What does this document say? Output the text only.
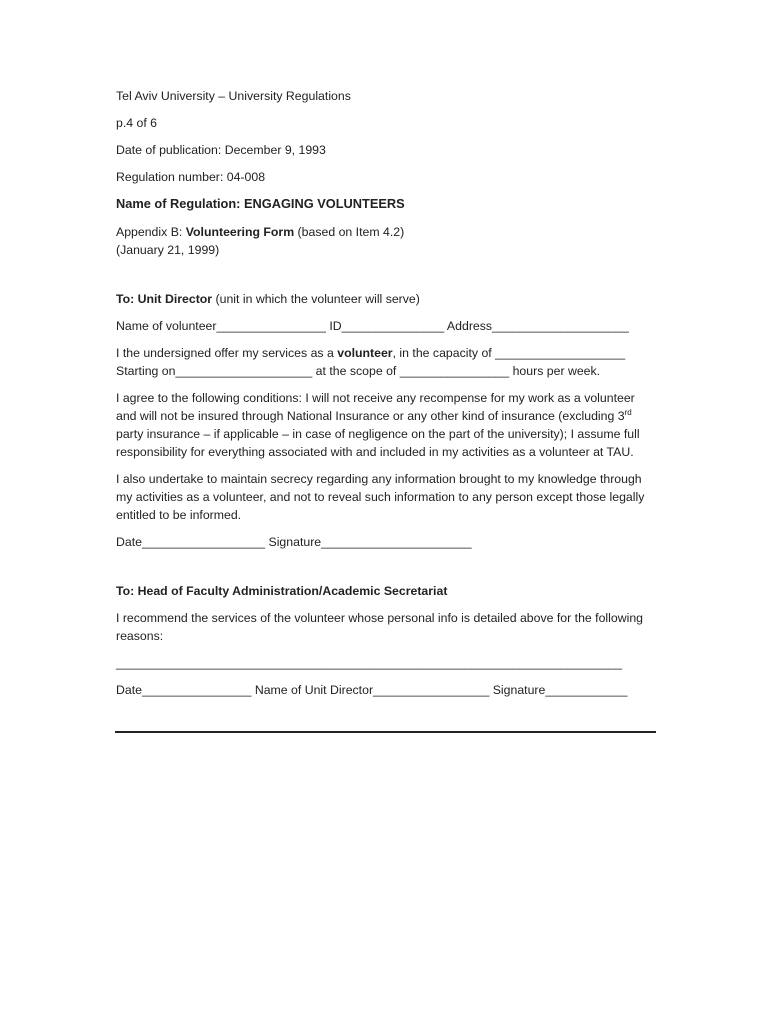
Tel Aviv University – University Regulations

p.4 of 6

Date of publication: December 9, 1993

Regulation number: 04-008

Name of Regulation: ENGAGING VOLUNTEERS

Appendix B: Volunteering Form (based on Item 4.2)

(January 21, 1999)

To: Unit Director (unit in which the volunteer will serve)

Name of volunteer________________ ID_______________ Address____________________

I the undersigned offer my services as a volunteer, in the capacity of ___________________

Starting on____________________ at the scope of ________________ hours per week.

I agree to the following conditions: I will not receive any recompense for my work as a volunteer and will not be insured through National Insurance or any other kind of insurance (excluding 3rd party insurance – if applicable – in case of negligence on the part of the university); I assume full responsibility for everything associated with and included in my activities as a volunteer at TAU.

I also undertake to maintain secrecy regarding any information brought to my knowledge through my activities as a volunteer, and not to reveal such information to any person except those legally entitled to be informed.

Date__________________ Signature______________________

To: Head of Faculty Administration/Academic Secretariat

I recommend the services of the volunteer whose personal info is detailed above for the following reasons:

__________________________________________________________________________

Date________________ Name of Unit Director_________________ Signature____________
